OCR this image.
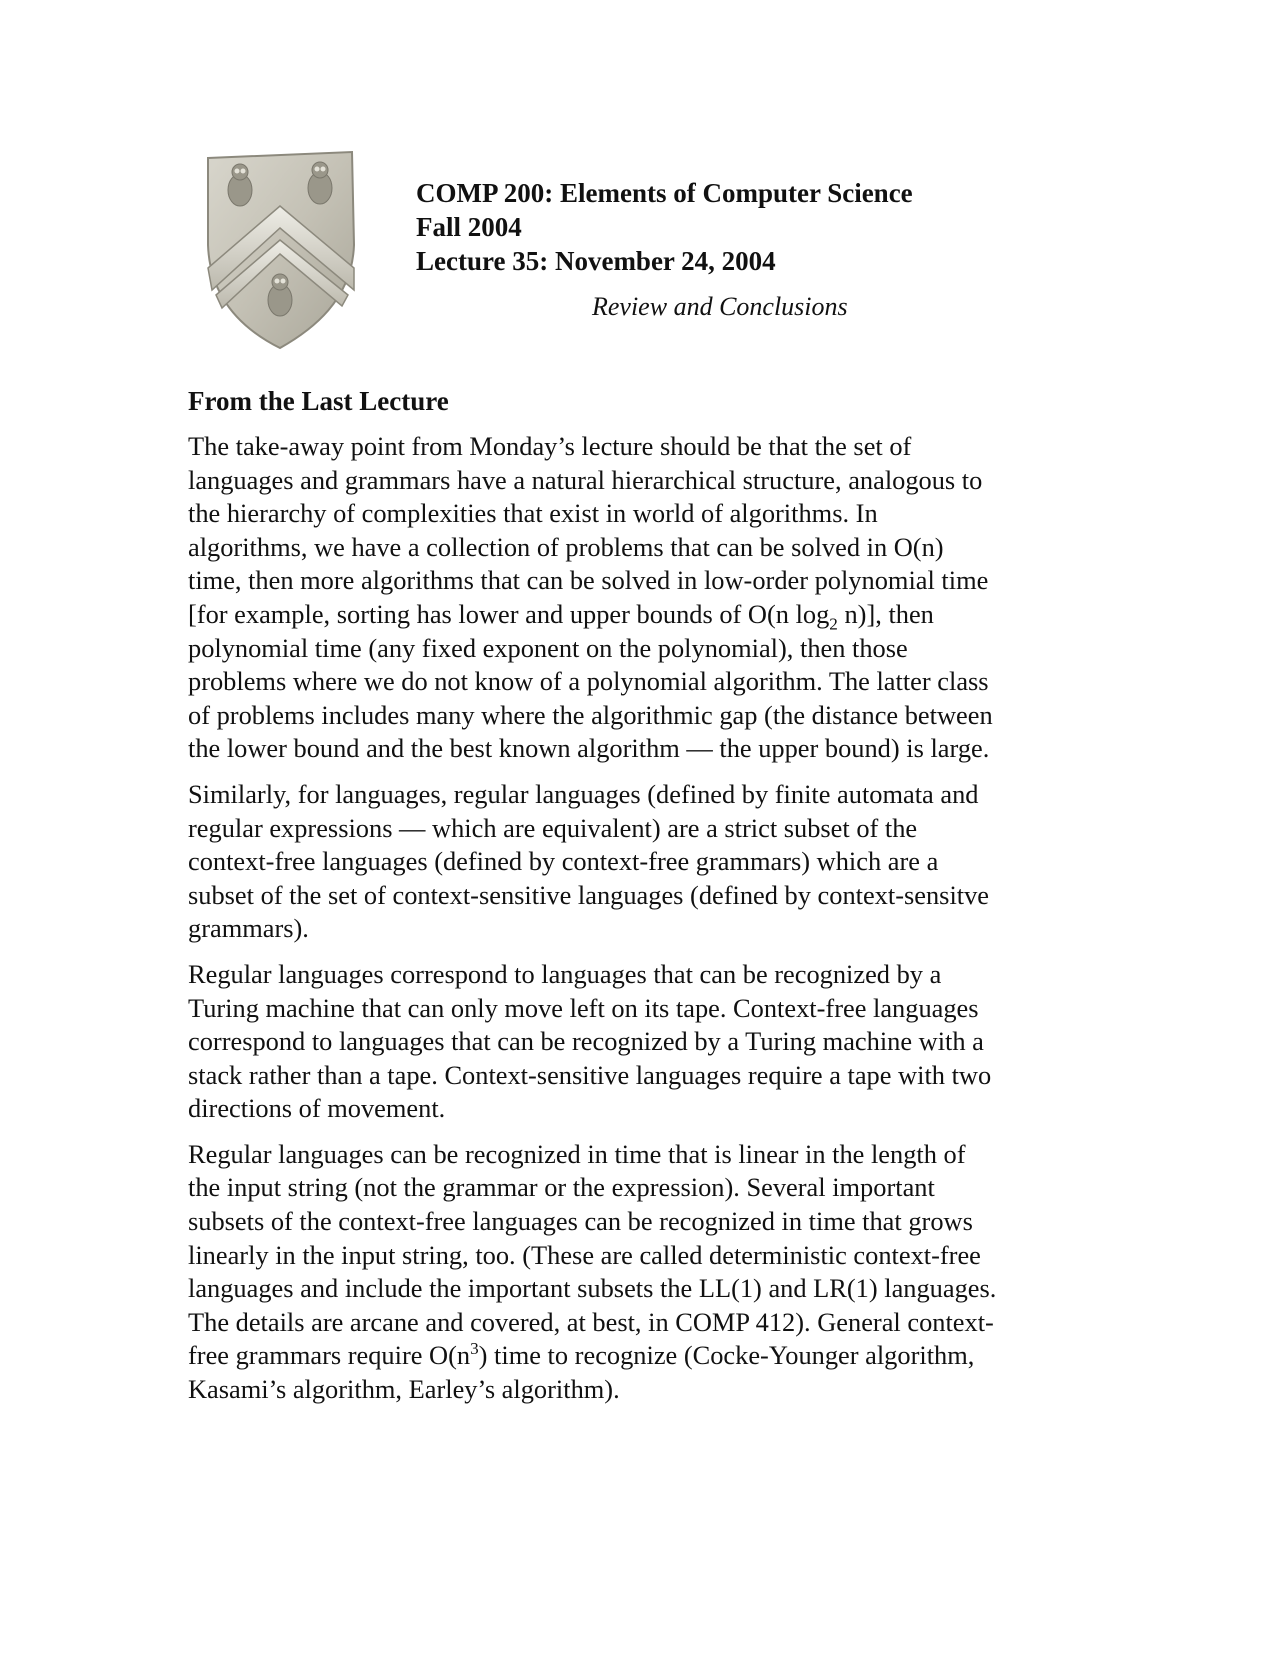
COMP 200: Elements of Computer Science
Fall 2004
Lecture 35: November 24, 2004
Review and Conclusions
From the Last Lecture
The take-away point from Monday’s lecture should be that the set of
languages and grammars have a natural hierarchical structure, analogous to
the hierarchy of complexities that exist in world of algorithms. In
algorithms, we have a collection of problems that can be solved in O(n)
time, then more algorithms that can be solved in low-order polynomial time
[for example, sorting has lower and upper bounds of O(n $\log_2 n$)], then
polynomial time (any fixed exponent on the polynomial), then those
problems where we do not know of a polynomial algorithm. The latter class
of problems includes many where the algorithmic gap (the distance between
the lower bound and the best known algorithm — the upper bound) is large.
Similarly, for languages, regular languages (defined by finite automata and
regular expressions — which are equivalent) are a strict subset of the
context-free languages (defined by context-free grammars) which are a
subset of the set of context-sensitive languages (defined by context-sensitve
grammars).
Regular languages correspond to languages that can be recognized by a
Turing machine that can only move left on its tape. Context-free languages
correspond to languages that can be recognized by a Turing machine with a
stack rather than a tape. Context-sensitive languages require a tape with two
directions of movement.
Regular languages can be recognized in time that is linear in the length of
the input string (not the grammar or the expression). Several important
subsets of the context-free languages can be recognized in time that grows
linearly in the input string, too. (These are called deterministic context-free
languages and include the important subsets the LL(1) and LR(1) languages.
The details are arcane and covered, at best, in COMP 412). General context-
free grammars require $O(n^3)$ time to recognize (Cocke-Younger algorithm,
Kasami’s algorithm, Earley’s algorithm).
